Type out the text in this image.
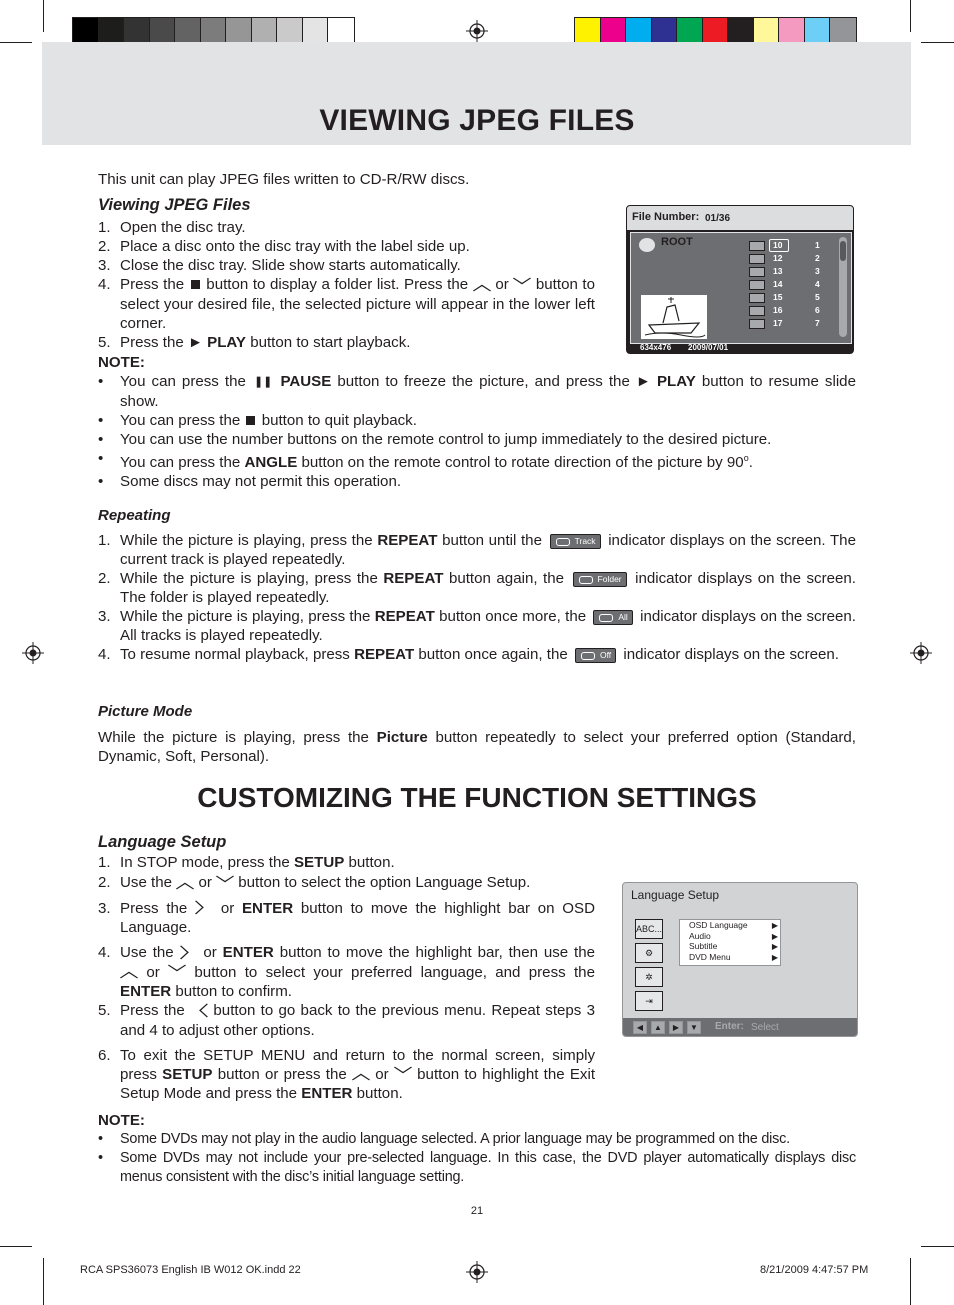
VIEWING JPEG FILES
This unit can play JPEG files written to CD-R/RW discs.
Viewing JPEG Files
1. Open the disc tray.
2. Place a disc onto the disc tray with the label side up.
3. Close the disc tray. Slide show starts automatically.
4. Press the button to display a folder list. Press the ︿ or ﹀ button to select your desired file, the selected picture will appear in the lower left corner.
5. Press the ► PLAY button to start playback.
NOTE:
• You can press the ❚❚ PAUSE button to freeze the picture, and press the ► PLAY button to resume slide show.
• You can press the button to quit playback.
• You can use the number buttons on the remote control to jump immediately to the desired picture.
• You can press the ANGLE button on the remote control to rotate direction of the picture by 90$^o$.
• Some discs may not permit this operation.
File Number: 01/36
ROOT	10	1
12	2
13	3
14	4
15	5
16	6
17	7
634x476 2009/07/01
Repeating
1. While the picture is playing, press the REPEAT button until the	Track indicator displays on the screen. The current track is played repeatedly.
2. While the picture is playing, press the REPEAT button again, the	Folder indicator displays on the screen. The folder is played repeatedly.
3. While the picture is playing, press the REPEAT button once more, the	All indicator displays on the screen. All tracks is played repeatedly.
4. To resume normal playback, press REPEAT button once again, the	Off indicator displays on the screen.
Picture Mode
While the picture is playing, press the Picture button repeatedly to select your preferred option (Standard, Dynamic, Soft, Personal).
CUSTOMIZING THE FUNCTION SETTINGS
Language Setup
1. In STOP mode, press the SETUP button.
2. Use the ︿ or ﹀ button to select the option Language Setup.
3. Press the 〉 or ENTER button to move the highlight bar on OSD Language.
4. Use the 〉 or ENTER button to move the highlight bar, then use the ︿ or ﹀ button to select your preferred language, and press the ENTER button to confirm.
5. Press the 〈 button to go back to the previous menu. Repeat steps 3 and 4 to adjust other options.
6. To exit the SETUP MENU and return to the normal screen, simply press SETUP button or press the ︿ or ﹀ button to highlight the Exit Setup Mode and press the ENTER button.
Language Setup
ABC...
⚙
✲
⇥
OSD Language	▶
Audio	▶
Subtitle	▶
DVD Menu	▶
◀	▲	▶	▼	Enter: Select
NOTE:
• Some DVDs may not play in the audio language selected. A prior language may be programmed on the disc.
• Some DVDs may not include your pre-selected language. In this case, the DVD player automatically displays disc menus consistent with the disc’s initial language setting.
21
RCA SPS36073 English IB W012 OK.indd 22	8/21/2009 4:47:57 PM
